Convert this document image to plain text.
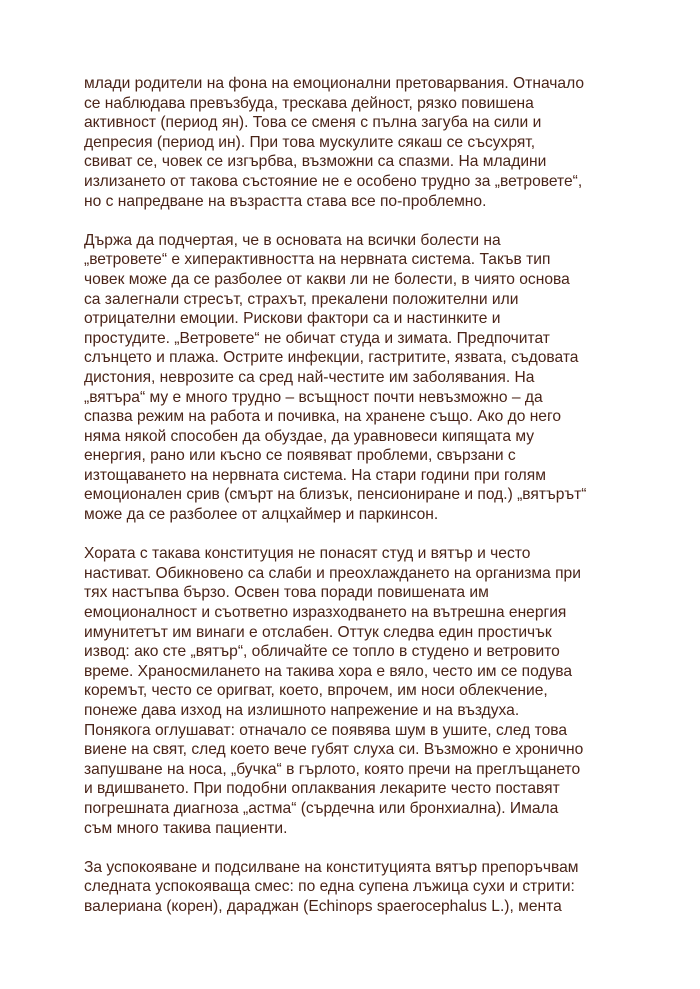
млади родители на фона на емоционални претоварвания. Отначало
се наблюдава превъзбуда, трескава дейност, рязко повишена
активност (период ян). Това се сменя с пълна загуба на сили и
депресия (период ин). При това мускулите сякаш се съсухрят,
свиват се, човек се изгърбва, възможни са спазми. На младини
излизането от такова състояние не е особено трудно за „ветровете“,
но с напредване на възрастта става все по-проблемно.

Държа да подчертая, че в основата на всички болести на
„ветровете“ е хиперактивността на нервната система. Такъв тип
човек може да се разболее от какви ли не болести, в чиято основа
са залегнали стресът, страхът, прекалени положителни или
отрицателни емоции. Рискови фактори са и настинките и
простудите. „Ветровете“ не обичат студа и зимата. Предпочитат
слънцето и плажа. Острите инфекции, гастритите, язвата, съдовата
дистония, неврозите са сред най-честите им заболявания. На
„вятъра“ му е много трудно – всъщност почти невъзможно – да
спазва режим на работа и почивка, на хранене също. Ако до него
няма някой способен да обуздае, да уравновеси кипящата му
енергия, рано или късно се появяват проблеми, свързани с
изтощаването на нервната система. На стари години при голям
емоционален срив (смърт на близък, пенсиониране и под.) „вятърът“
може да се разболее от алцхаймер и паркинсон.

Хората с такава конституция не понасят студ и вятър и често
настиват. Обикновено са слаби и преохлаждането на организма при
тях настъпва бързо. Освен това поради повишената им
емоционалност и съответно изразходването на вътрешна енергия
имунитетът им винаги е отслабен. Оттук следва един простичък
извод: ако сте „вятър“, обличайте се топло в студено и ветровито
време. Храносмилането на такива хора е вяло, често им се подува
коремът, често се оригват, което, впрочем, им носи облекчение,
понеже дава изход на излишното напрежение и на въздуха.
Понякога оглушават: отначало се появява шум в ушите, след това
виене на свят, след което вече губят слуха си. Възможно е хронично
запушване на носа, „бучка“ в гърлото, която пречи на преглъщането
и вдишването. При подобни оплаквания лекарите често поставят
погрешната диагноза „астма“ (сърдечна или бронхиална). Имала
съм много такива пациенти.

За успокояване и подсилване на конституцията вятър препоръчвам
следната успокояваща смес: по една супена лъжица сухи и стрити:
валериана (корен), дараджан (Echinops spaerocephalus L.), мента
